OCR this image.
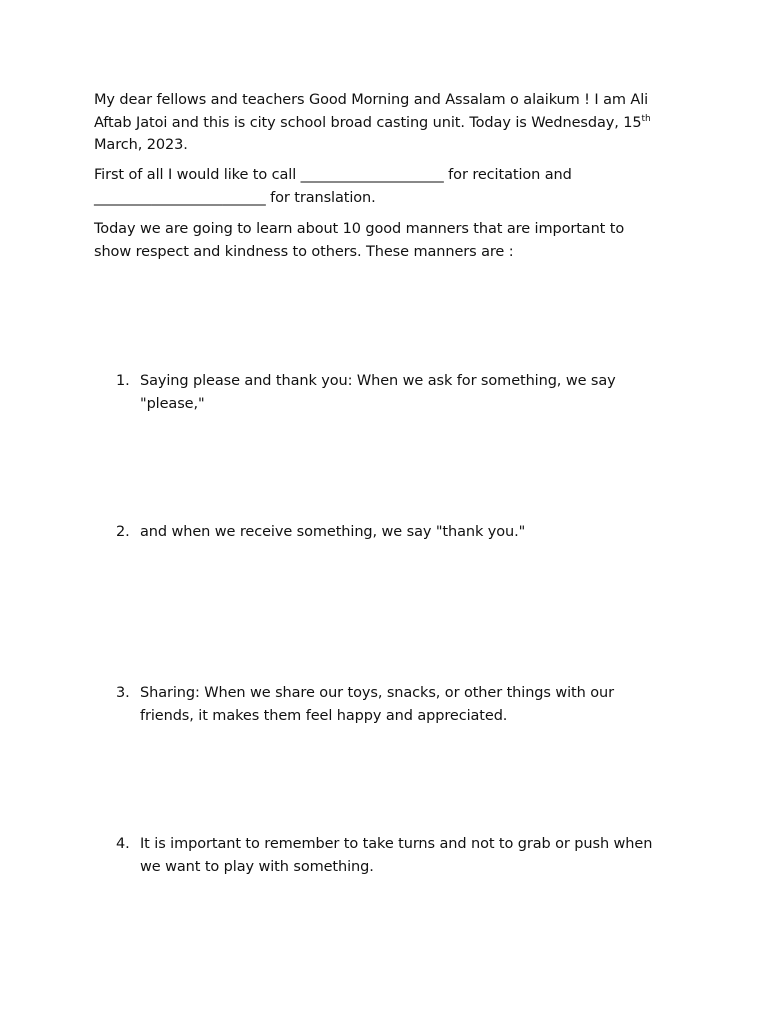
My dear fellows and teachers Good Morning and Assalam o alaikum ! I am Ali
Aftab Jatoi and this is city school broad casting unit. Today is Wednesday, 15th
March, 2023.

First of all I would like to call ____________________ for recitation and
________________________ for translation.

Today we are going to learn about 10 good manners that are important to
show respect and kindness to others. These manners are :

1. Saying please and thank you: When we ask for something, we say
"please,"
2. and when we receive something, we say "thank you."
3. Sharing: When we share our toys, snacks, or other things with our
friends, it makes them feel happy and appreciated.
4. It is important to remember to take turns and not to grab or push when
we want to play with something.
